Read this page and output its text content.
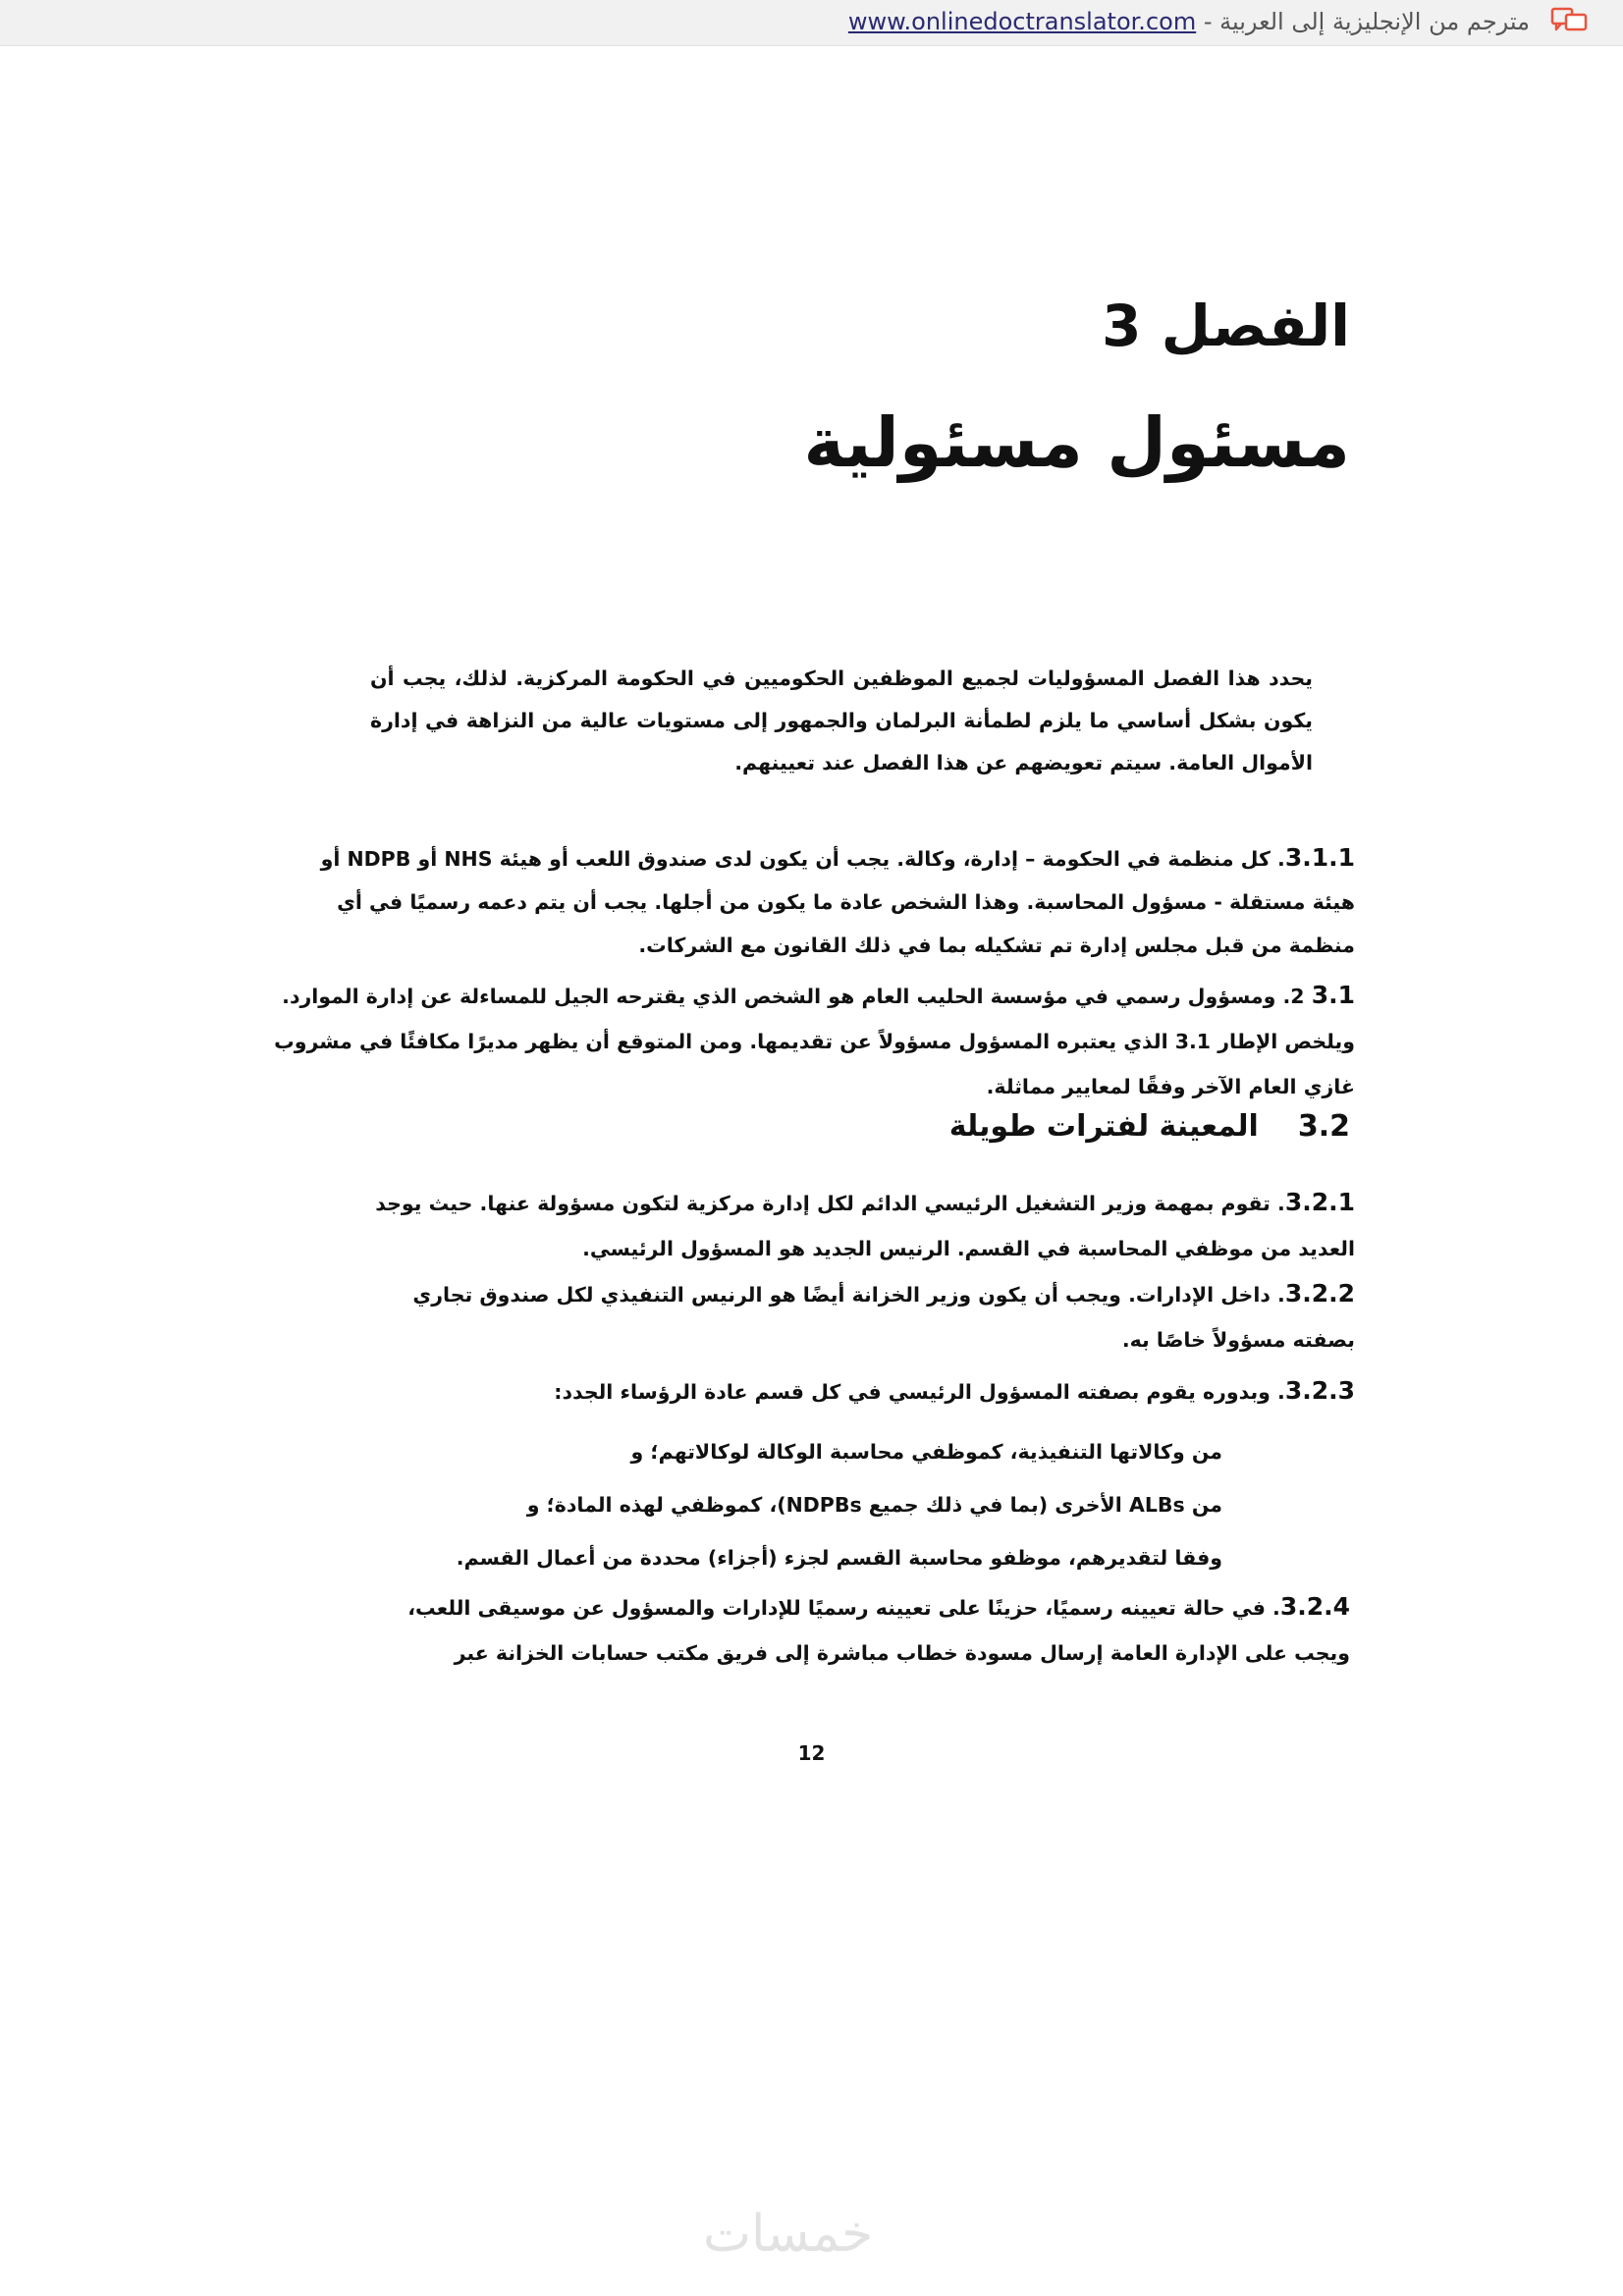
مترجم من الإنجليزية إلى العربية - www.onlinedoctranslator.com
الفصل 3
مسئول مسئولية

يحدد هذا الفصل المسؤوليات لجميع الموظفين الحكوميين في الحكومة المركزية. لذلك، يجب أن يكون بشكل أساسي ما يلزم لطمأنة البرلمان والجمهور إلى مستويات عالية من النزاهة في إدارة الأموال العامة. سيتم تعويضهم عن هذا الفصل عند تعيينهم.

3.1.1. كل منظمة في الحكومة – إدارة، وكالة. يجب أن يكون لدى صندوق اللعب أو هيئة NHS أو NDPB أو هيئة مستقلة - مسؤول المحاسبة. وهذا الشخص عادة ما يكون من أجلها. يجب أن يتم دعمه رسميًا في أي منظمة من قبل مجلس إدارة تم تشكيله بما في ذلك القانون مع الشركات.

3.1 2. ومسؤول رسمي في مؤسسة الحليب العام هو الشخص الذي يقترحه الجيل للمساءلة عن إدارة الموارد. ويلخص الإطار 3.1 الذي يعتبره المسؤول مسؤولاً عن تقديمها. ومن المتوقع أن يظهر مديرًا مكافئًا في مشروب غازي العام الآخر وفقًا لمعايير مماثلة.

3.2المعينة لفترات طويلة

3.2.1. تقوم بمهمة وزير التشغيل الرئيسي الدائم لكل إدارة مركزية لتكون مسؤولة عنها. حيث يوجد العديد من موظفي المحاسبة في القسم. الرنيس الجديد هو المسؤول الرئيسي.

3.2.2. داخل الإدارات. ويجب أن يكون وزير الخزانة أيضًا هو الرنيس التنفيذي لكل صندوق تجاري بصفته مسؤولاً خاصًا به.

3.2.3. وبدوره يقوم بصفته المسؤول الرئيسي في كل قسم عادة الرؤساء الجدد:

من وكالاتها التنفيذية، كموظفي محاسبة الوكالة لوكالاتهم؛ و
من ALBs الأخرى (بما في ذلك جميع NDPBs)، كموظفي لهذه المادة؛ و
وفقا لتقديرهم، موظفو محاسبة القسم لجزء (أجزاء) محددة من أعمال القسم.

3.2.4. في حالة تعيينه رسميًا، حزينًا على تعيينه رسميًا للإدارات والمسؤول عن موسيقى اللعب، ويجب على الإدارة العامة إرسال مسودة خطاب مباشرة إلى فريق مكتب حسابات الخزانة عبر

12
خمسات
